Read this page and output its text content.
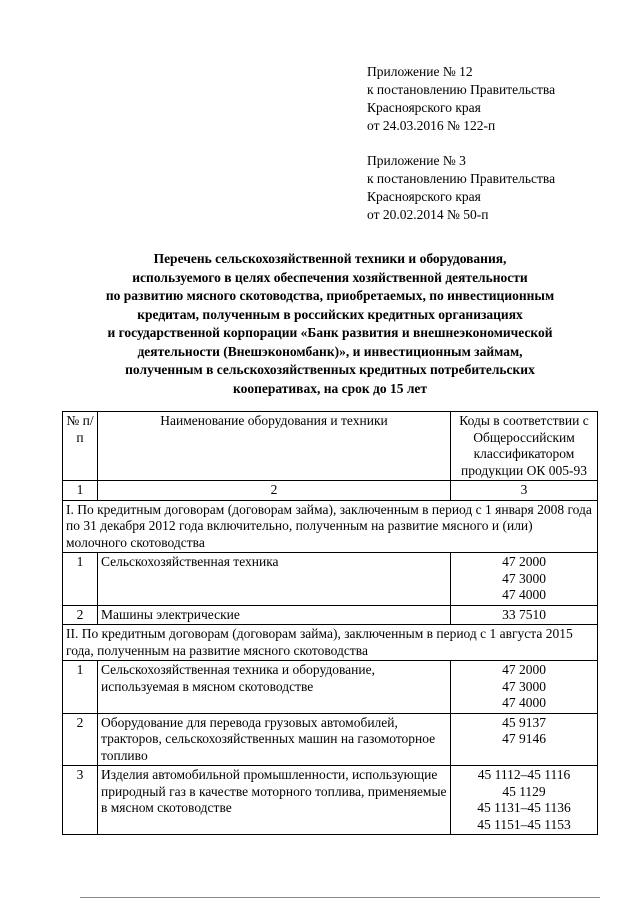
Приложение № 12
к постановлению Правительства
Красноярского края
от 24.03.2016 № 122-п
Приложение № 3
к постановлению Правительства
Красноярского края
от 20.02.2014 № 50-п
Перечень сельскохозяйственной техники и оборудования,
используемого в целях обеспечения хозяйственной деятельности
по развитию мясного скотоводства, приобретаемых, по инвестиционным
кредитам, полученным в российских кредитных организациях
и государственной корпорации «Банк развития и внешнеэкономической
деятельности (Внешэкономбанк)», и инвестиционным займам,
полученным в сельскохозяйственных кредитных потребительских
кооперативах, на срок до 15 лет
№ п/п	Наименование оборудования и техники	Коды в соответствии с Общероссийским классификатором продукции ОК 005-93
1	2	3
I. По кредитным договорам (договорам займа), заключенным в период с 1 января 2008 года по 31 декабря 2012 года включительно, полученным на развитие мясного и (или) молочного скотоводства		
1	Сельскохозяйственная техника	47 2000
47 3000
47 4000

2	Машины электрические	33 7510

II. По кредитным договорам (договорам займа), заключенным в период с 1 августа 2015 года, полученным на развитие мясного скотоводства		
1	Сельскохозяйственная техника и оборудование, используемая в мясном скотоводстве	47 2000
47 3000
47 4000

2	Оборудование для перевода грузовых автомобилей, тракторов, сельскохозяйственных машин на газомоторное топливо	45 9137
47 9146

3	Изделия автомобильной промышленности, использующие природный газ в качестве моторного топлива, применяемые в мясном скотоводстве	45 1112–45 1116
45 1129
45 1131–45 1136
45 1151–45 1153
